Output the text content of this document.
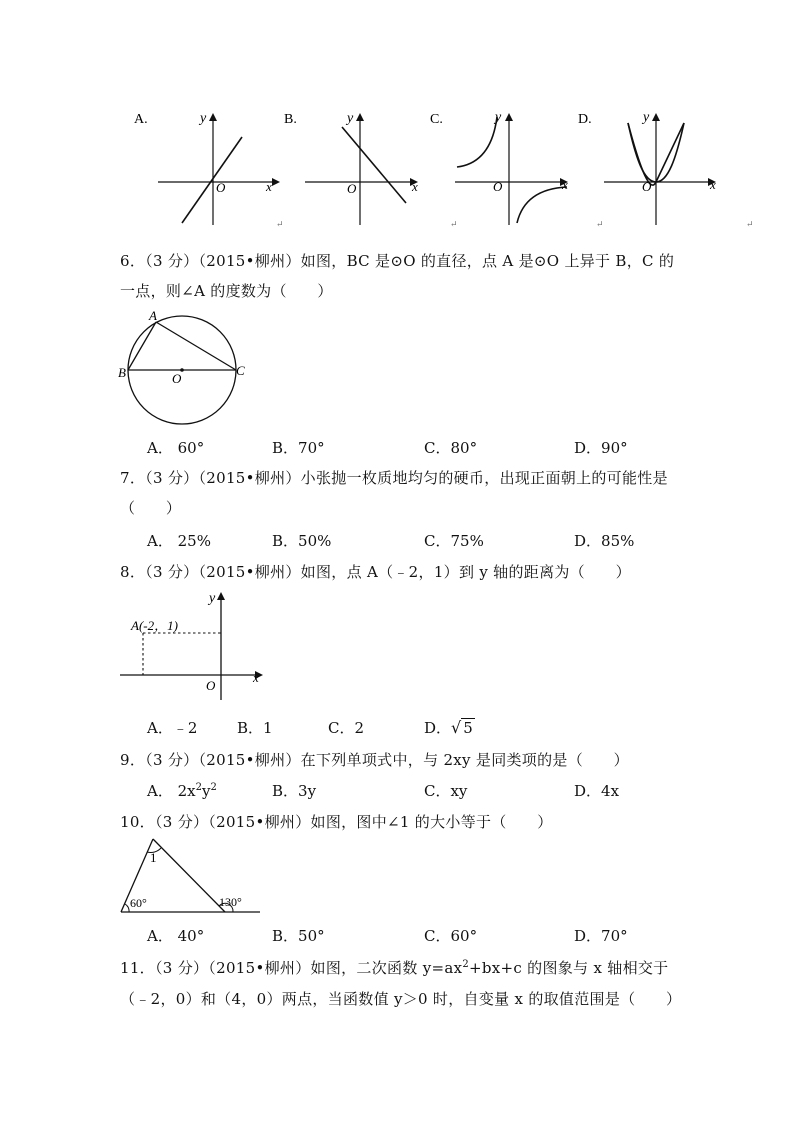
A.
x
y
O
↵
B.
x
y
O
↵
C.
x
y
O
↵
D.
x
y
O
↵
6．（3 分）（2015•柳州）如图，BC 是⊙O 的直径，点 A 是⊙O 上异于 B，C 的
一点，则∠A 的度数为（　　）
A
B	C
O
A． 60°	B．70°	C．80°	D．90°
7．（3 分）（2015•柳州）小张抛一枚质地均匀的硬币，出现正面朝上的可能性是
（　　）
A． 25%	B．50%	C．75%	D．85%
8．（3 分）（2015•柳州）如图，点 A（﹣2，1）到 y 轴的距离为（　　）
A(-2，1)
y
x
O
A．﹣2	B．1	C．2	D．√ 5
9．（3 分）（2015•柳州）在下列单项式中，与 2xy 是同类项的是（　　）
A． $2x^2y^2$	B．3y	C．xy	D．4x
10．（3 分）（2015•柳州）如图，图中∠1 的大小等于（　　）
1
60°	130°
A． 40°	B．50°	C．60°	D．70°
11．（3 分）（2015•柳州）如图，二次函数 $y=ax^2+bx+c$ 的图象与 x 轴相交于
（﹣2，0）和（4，0）两点，当函数值 y＞0 时，自变量 x 的取值范围是（　　）
